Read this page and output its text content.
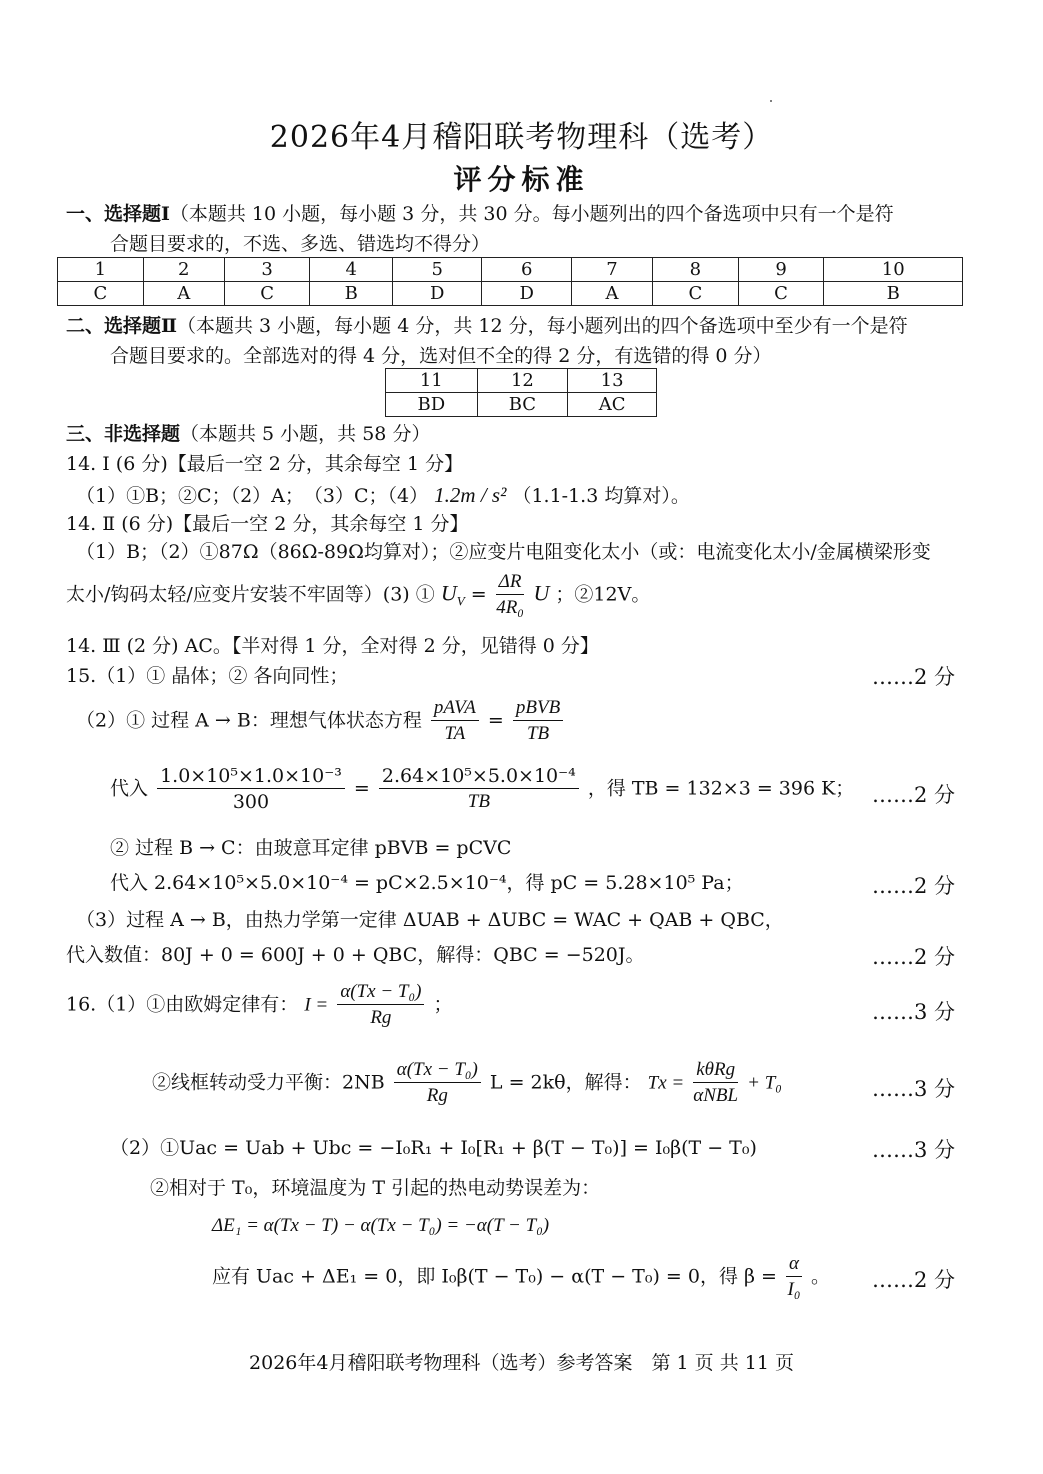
2026年4月稽阳联考物理科（选考）
评分标准
一、选择题Ⅰ（本题共 10 小题，每小题 3 分，共 30 分。每小题列出的四个备选项中只有一个是符
合题目要求的，不选、多选、错选均不得分）
1	2	3	4	5	6	7	8	9	10
C	A	C	B	D	D	A	C	C	B
二、选择题Ⅱ（本题共 3 小题，每小题 4 分，共 12 分，每小题列出的四个备选项中至少有一个是符
合题目要求的。全部选对的得 4 分，选对但不全的得 2 分，有选错的得 0 分）
11	12	13
BD	BC	AC
三、非选择题（本题共 5 小题，共 58 分）
14. Ⅰ (6 分)【最后一空 2 分，其余每空 1 分】
（1）①B；②C；（2）A；　（3）C；（4） 1.2m / s² （1.1-1.3 均算对）。
14. Ⅱ (6 分)【最后一空 2 分，其余每空 1 分】
（1）B；（2）①87Ω（86Ω-89Ω均算对）；②应变片电阻变化太小（或：电流变化太小/金属横梁形变
太小/钩码太轻/应变片安装不牢固等）(3) ① $U_V = \frac{\Delta R}{\text{4R₀}}$ U ；②12V。
14. Ⅲ (2 分) AC。【半对得 1 分，全对得 2 分，见错得 0 分】
15.（1）① 晶体；② 各向同性；	……2 分
（2）① 过程 A → B：理想气体状态方程 $\frac{\text{pAVA}}{TA} = \frac{\text{pBVB}}{TB}$
代入 $\frac{\text{1.0×10⁵×1.0×10⁻³}}{300} = \frac{\text{2.64×10⁵×5.0×10⁻⁴}}{TB}$ ，得 TB = 132×3 = 396 K； ……2 分
② 过程 B → C：由玻意耳定律 pBVB = pCVC
代入 2.64×10⁵×5.0×10⁻⁴ = pC×2.5×10⁻⁴，得 pC = 5.28×10⁵ Pa；	……2 分
（3）过程 A → B，由热力学第一定律 ΔUAB + ΔUBC = WAC + QAB + QBC，
代入数值：80J + 0 = 600J + 0 + QBC，解得：QBC = −520J。	……2 分
16.（1）①由欧姆定律有： $I = \frac{\text{α(Tx − T₀)}}{Rg}$ ；	……3 分
②线框转动受力平衡：$2NB \frac{\text{α(Tx − T₀)}}{Rg}$ L = 2kθ，解得： $Tx = \frac{\text{kθRg}}{\text{αNBL}} + T_0$	……3 分
（2）①Uac = Uab + Ubc = −I₀R₁ + I₀[R₁ + β(T − T₀)] = I₀β(T − T₀)	……3 分
②相对于 T₀，环境温度为 T 引起的热电动势误差为：
ΔE₁ = α(Tx − T) − α(Tx − T₀) = −α(T − T₀)
应有 Uac + ΔE₁ = 0，即 I₀β(T − T₀) − α(T − T₀) = 0，得 $\beta = \frac{\alpha}{\text{I₀}}$ 。 ……2 分
2026年4月稽阳联考物理科（选考）参考答案　第 1 页 共 11 页
